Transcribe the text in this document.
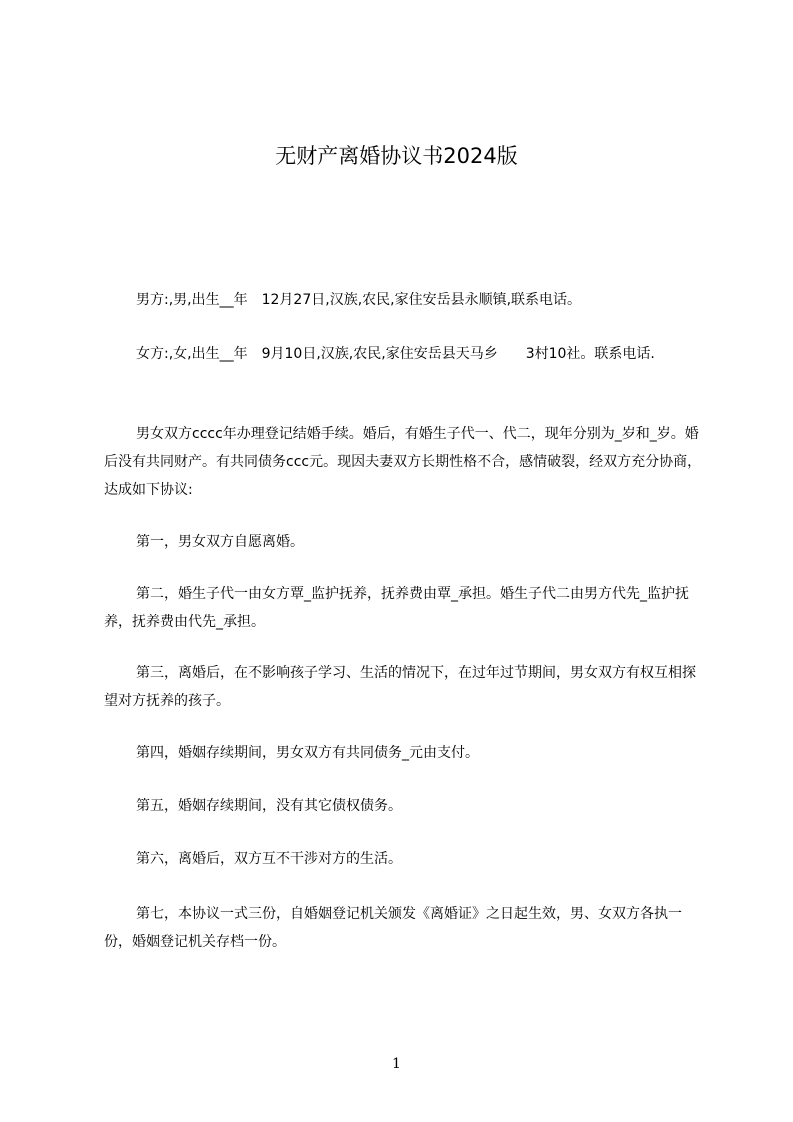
无财产离婚协议书2024版
男方:,男,出生__年　12月27日,汉族,农民,家住安岳县永顺镇,联系电话。
女方:,女,出生__年　9月10日,汉族,农民,家住安岳县天马乡　　3村10社。联系电话.
男女双方cccc年办理登记结婚手续。婚后，有婚生子代一、代二，现年分别为_岁和_岁。婚后没有共同财产。有共同债务ccc元。现因夫妻双方长期性格不合，感情破裂，经双方充分协商，达成如下协议:
第一，男女双方自愿离婚。
第二，婚生子代一由女方覃_监护抚养，抚养费由覃_承担。婚生子代二由男方代先_监护抚养，抚养费由代先_承担。
第三，离婚后，在不影响孩子学习、生活的情况下，在过年过节期间，男女双方有权互相探望对方抚养的孩子。
第四，婚姻存续期间，男女双方有共同债务_元由支付。
第五，婚姻存续期间，没有其它债权债务。
第六，离婚后，双方互不干涉对方的生活。
第七，本协议一式三份，自婚姻登记机关颁发《离婚证》之日起生效，男、女双方各执一份，婚姻登记机关存档一份。
1
